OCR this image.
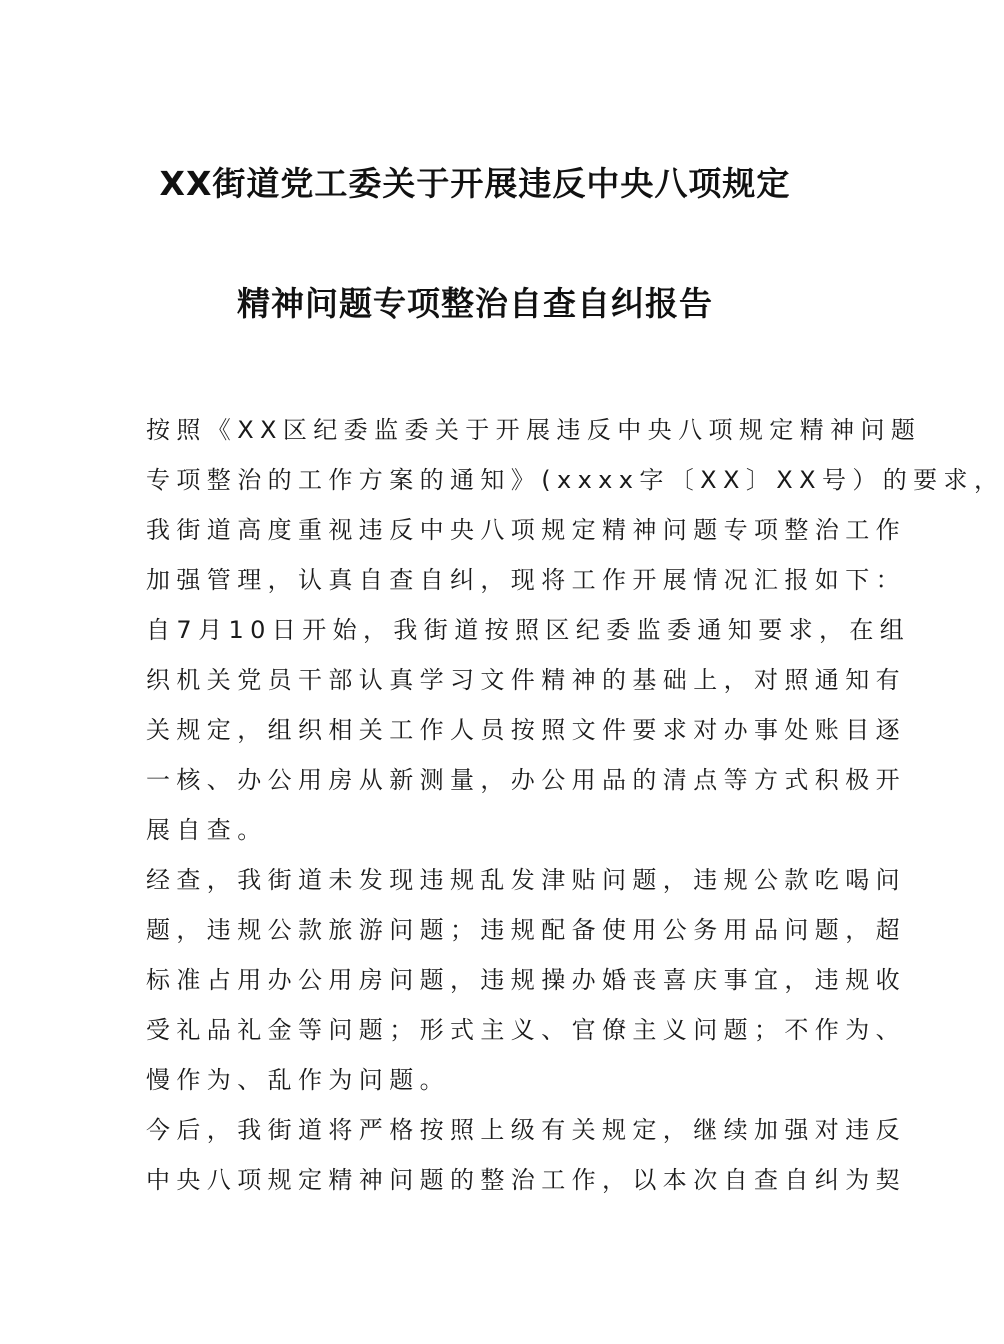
XX街道党工委关于开展违反中央八项规定
精神问题专项整治自查自纠报告
按照《XX区纪委监委关于开展违反中央八项规定精神问题
专项整治的工作方案的通知》(xxxx字〔XX〕XX号）的要求，
我街道高度重视违反中央八项规定精神问题专项整治工作
加强管理，认真自查自纠，现将工作开展情况汇报如下：
自7月10日开始，我街道按照区纪委监委通知要求，在组
织机关党员干部认真学习文件精神的基础上，对照通知有
关规定，组织相关工作人员按照文件要求对办事处账目逐
一核、办公用房从新测量，办公用品的清点等方式积极开
展自查。
经查，我街道未发现违规乱发津贴问题，违规公款吃喝问
题，违规公款旅游问题；违规配备使用公务用品问题，超
标准占用办公用房问题，违规操办婚丧喜庆事宜，违规收
受礼品礼金等问题；形式主义、官僚主义问题；不作为、
慢作为、乱作为问题。
今后，我街道将严格按照上级有关规定，继续加强对违反
中央八项规定精神问题的整治工作，以本次自查自纠为契
